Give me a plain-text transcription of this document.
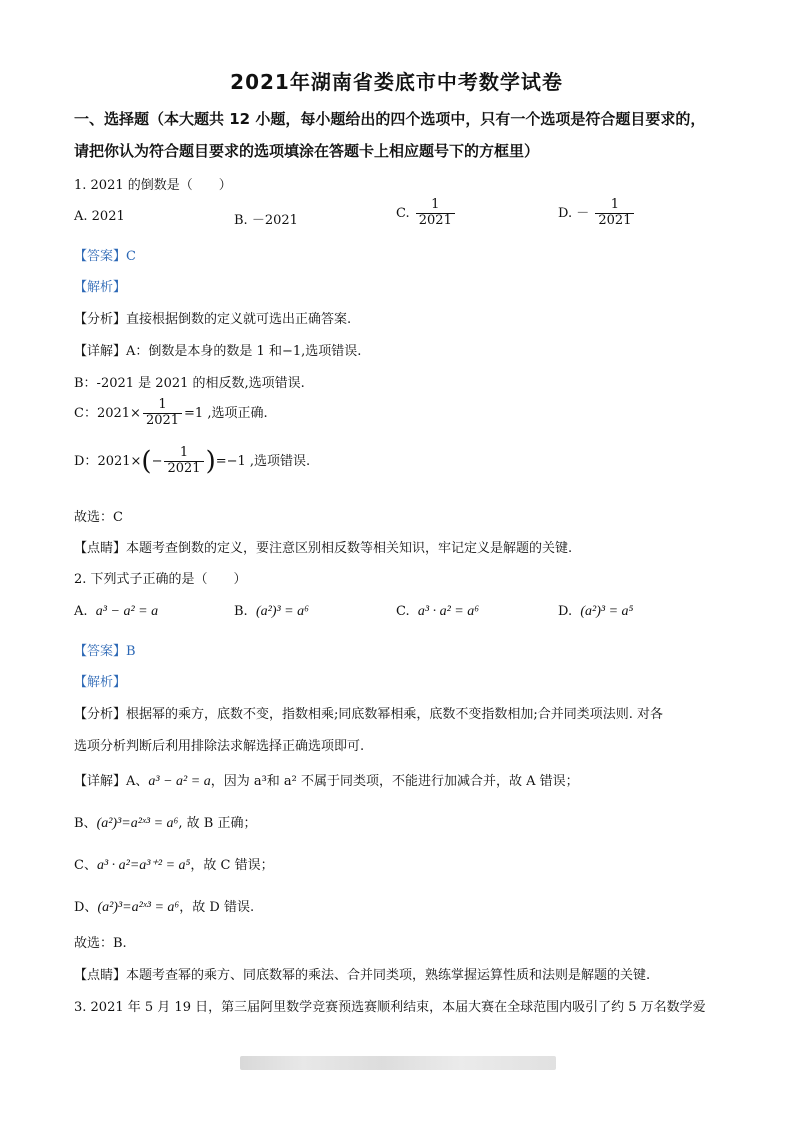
2021年湖南省娄底市中考数学试卷
一、选择题（本大题共 12 小题，每小题给出的四个选项中，只有一个选项是符合题目要求的，
请把你认为符合题目要求的选项填涂在答题卡上相应题号下的方框里）
1. 2021 的倒数是（　　）
A. 2021	B. －2021	C. $\frac{1}{2021}$	D. － $\frac{1}{2021}$
【答案】C
【解析】
【分析】直接根据倒数的定义就可选出正确答案.
【详解】A：倒数是本身的数是 1 和−1,选项错误.
B：-2021 是 2021 的相反数,选项错误.
C：$2021\times \frac{1}{2021} =1$ ,选项正确.
D：$2021\times(- \frac{1}{2021} )=-1$ ,选项错误.
故选：C
【点睛】本题考查倒数的定义，要注意区别相反数等相关知识，牢记定义是解题的关键.
2. 下列式子正确的是（　　）
A. a³ − a² = a	B. (a²)³ = a⁶	C. a³ · a² = a⁶	D. (a²)³ = a⁵
【答案】B
【解析】
【分析】根据幂的乘方，底数不变，指数相乘;同底数幂相乘，底数不变指数相加;合并同类项法则. 对各
选项分析判断后利用排除法求解选择正确选项即可.
【详解】A、a³ − a² = a，因为 a³和 a² 不属于同类项，不能进行加减合并，故 A 错误；
B、(a²)³=a²ˣ³ = a⁶, 故 B 正确；
C、a³ · a²=a³⁺² = a⁵，故 C 错误；
D、(a²)³=a²ˣ³ = a⁶，故 D 错误.
故选：B.
【点睛】本题考查幂的乘方、同底数幂的乘法、合并同类项，熟练掌握运算性质和法则是解题的关键.
3. 2021 年 5 月 19 日，第三届阿里数学竞赛预选赛顺利结束，本届大赛在全球范围内吸引了约 5 万名数学爱
